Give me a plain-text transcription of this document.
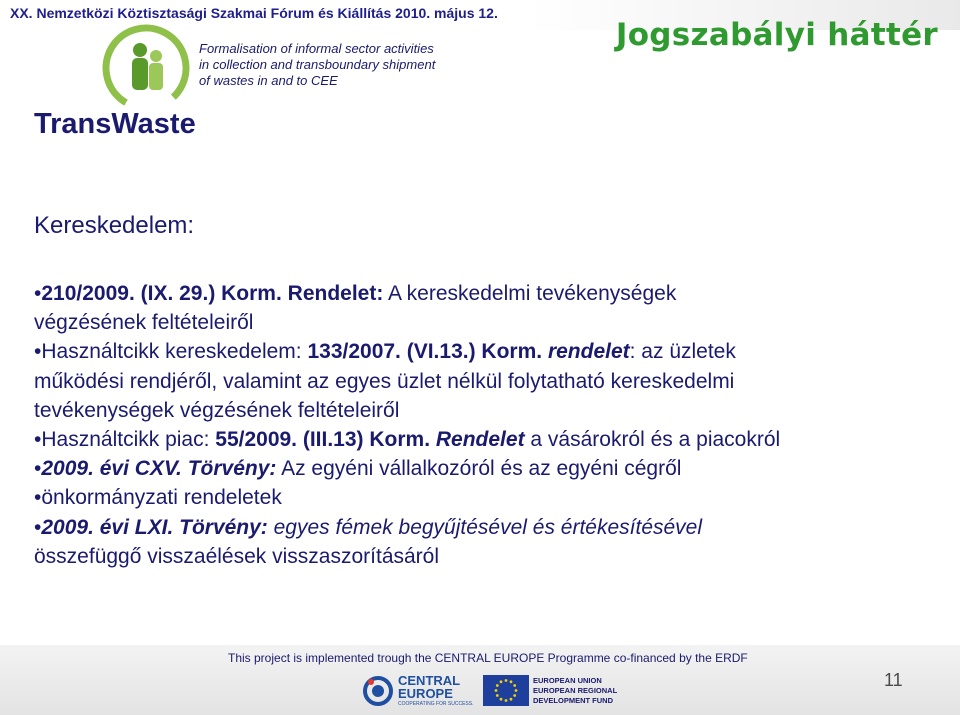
XX. Nemzetközi Köztisztasági Szakmai Fórum és Kiállítás 2010. május 12.
Jogszabályi háttér
TransWaste
Formalisation of informal sector activities
in collection and transboundary shipment
of wastes in and to CEE
Kereskedelem:
•210/2009. (IX. 29.) Korm. Rendelet: A kereskedelmi tevékenységek
végzésének feltételeiről
•Használtcikk kereskedelem: 133/2007. (VI.13.) Korm. rendelet: az üzletek
működési rendjéről, valamint az egyes üzlet nélkül folytatható kereskedelmi
tevékenységek végzésének feltételeiről
•Használtcikk piac: 55/2009. (III.13) Korm. Rendelet a vásárokról és a piacokról
•2009. évi CXV. Törvény: Az egyéni vállalkozóról és az egyéni cégről
•önkormányzati rendeletek
•2009. évi LXI. Törvény: egyes fémek begyűjtésével és értékesítésével
összefüggő visszaélések visszaszorításáról
This project is implemented trough the CENTRAL EUROPE Programme co-financed by the ERDF
CENTRAL
EUROPE
COOPERATING FOR SUCCESS.
EUROPEAN UNION
EUROPEAN REGIONAL
DEVELOPMENT FUND
11
